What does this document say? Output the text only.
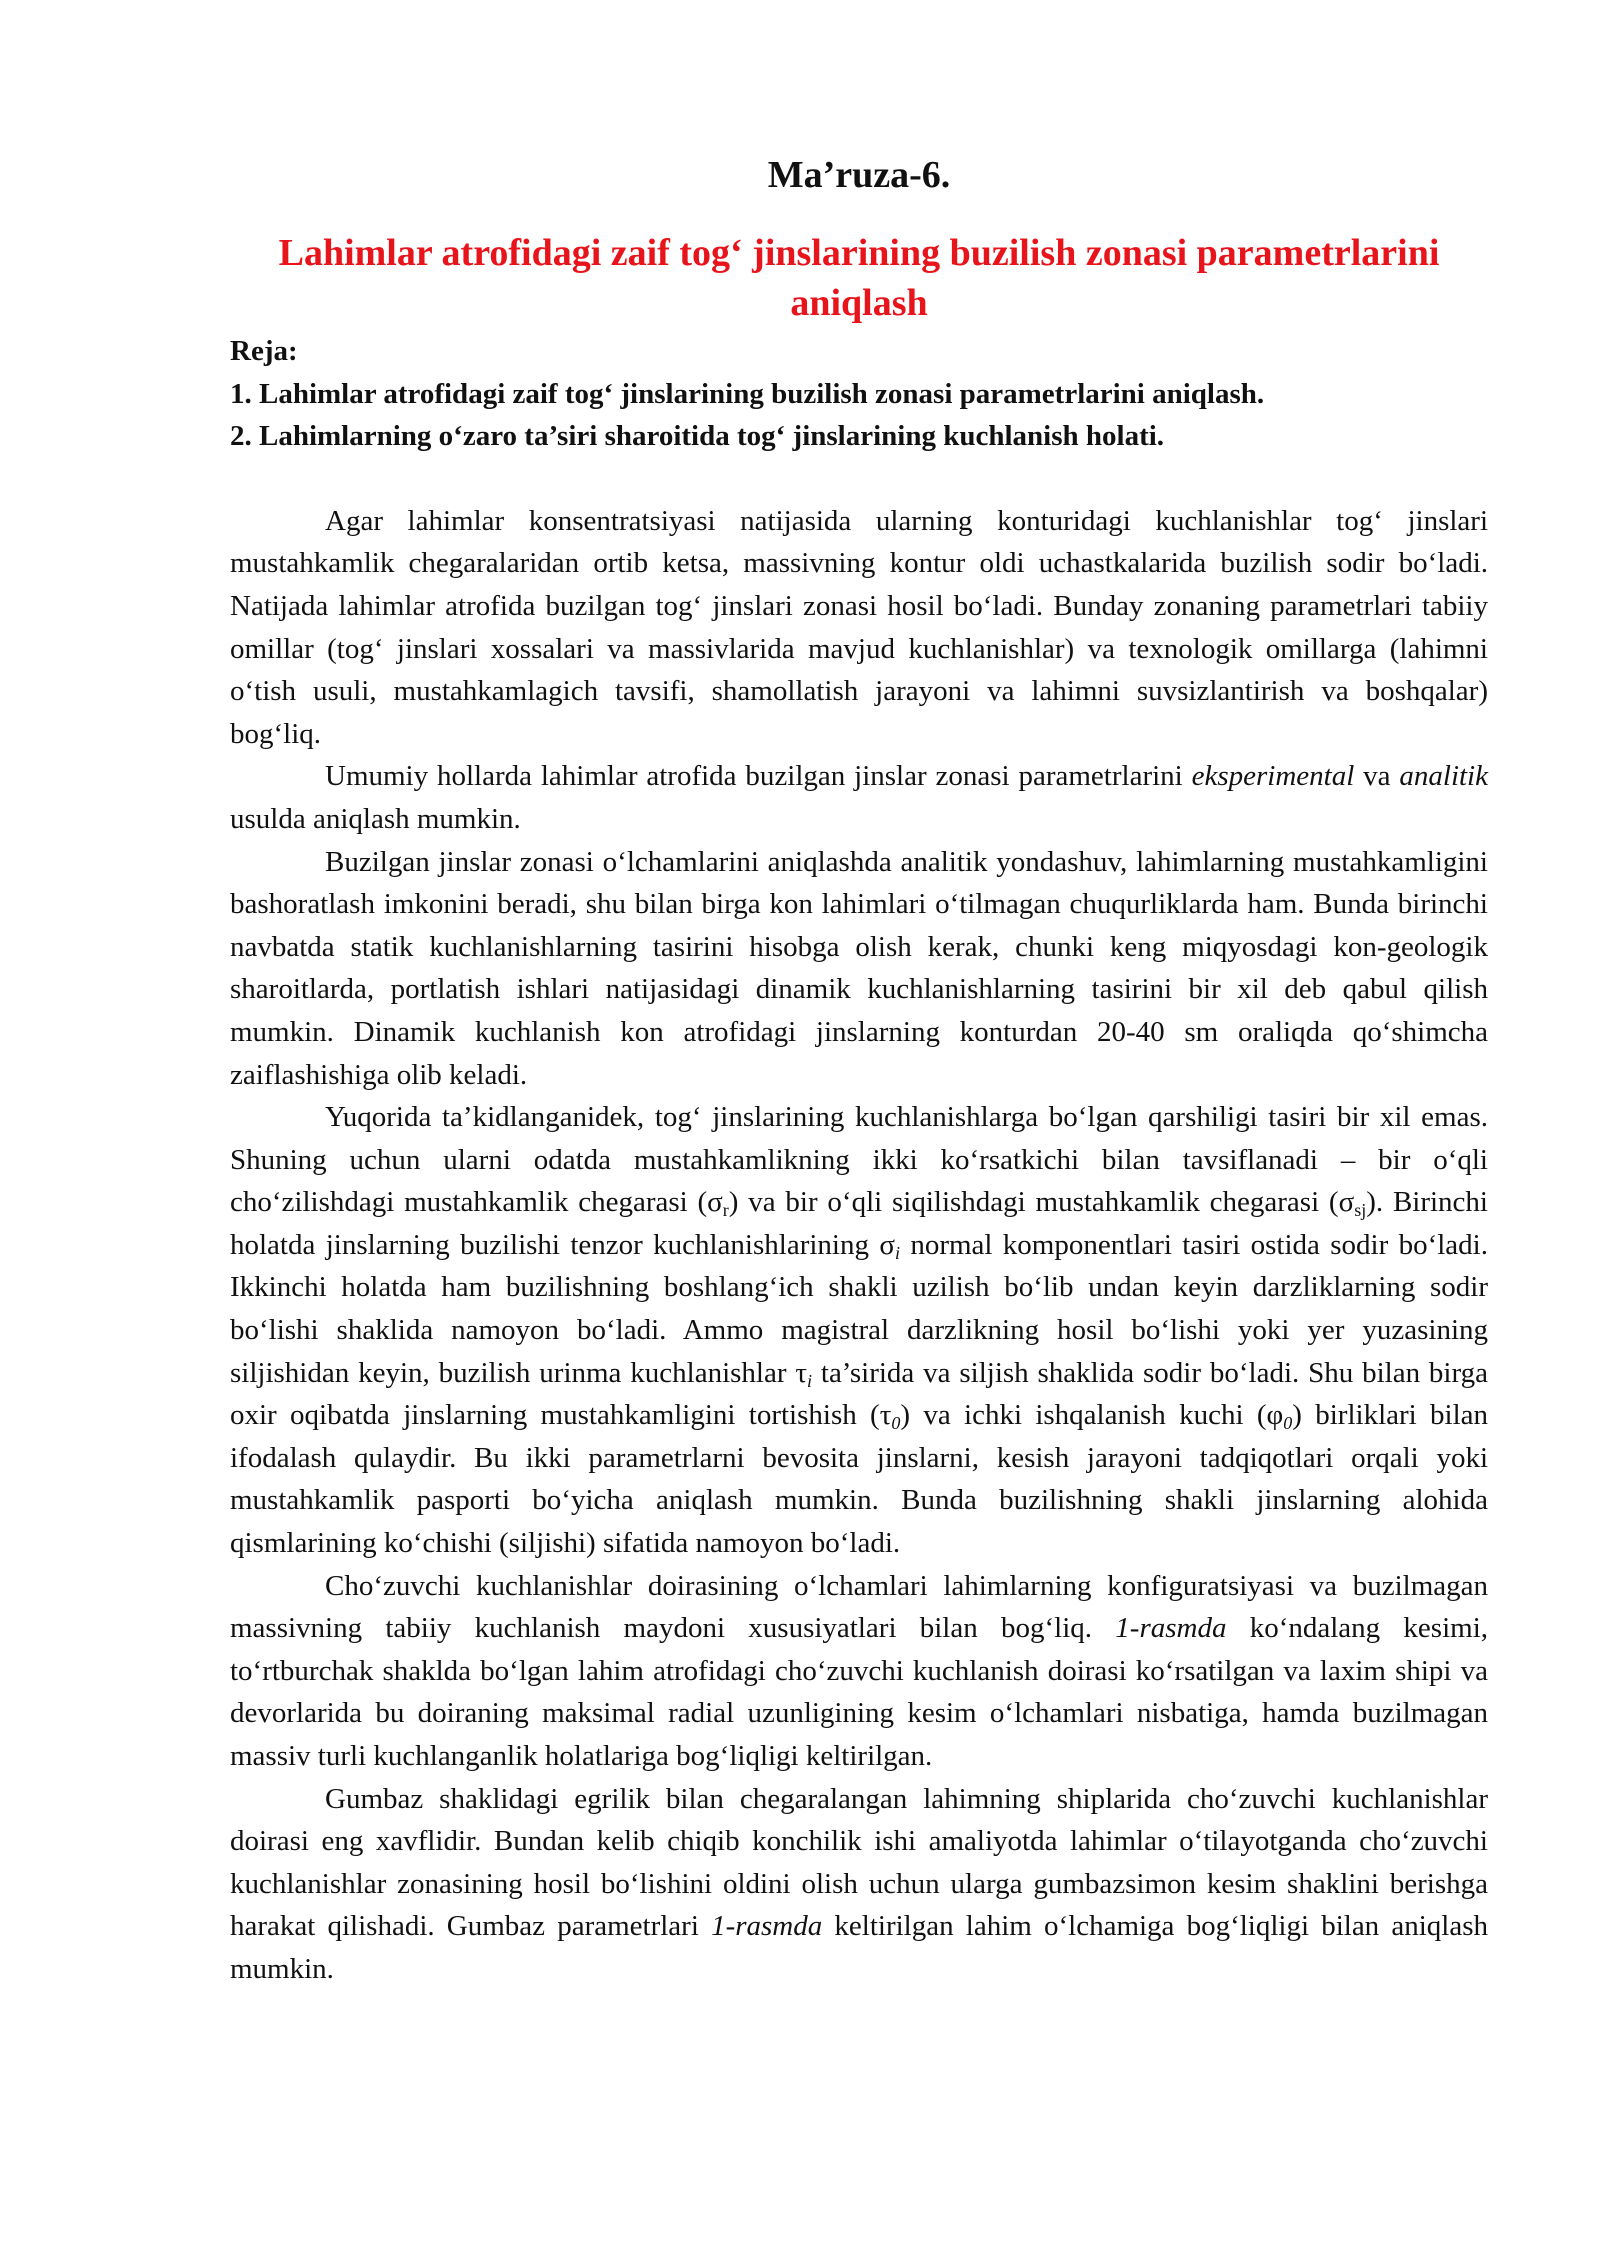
Ma’ruza-6.
Lahimlar atrofidagi zaif tog‘ jinslarining buzilish zonasi parametrlarini aniqlash
Reja:
1. Lahimlar atrofidagi zaif tog‘ jinslarining buzilish zonasi parametrlarini aniqlash.
2. Lahimlarning o‘zaro ta’siri sharoitida tog‘ jinslarining kuchlanish holati.

Agar lahimlar konsentratsiyasi natijasida ularning konturidagi kuchlanishlar tog‘ jinslari mustahkamlik chegaralaridan ortib ketsa, massivning kontur oldi uchastkalarida buzilish sodir bo‘ladi. Natijada lahimlar atrofida buzilgan tog‘ jinslari zonasi hosil bo‘ladi. Bunday zonaning parametrlari tabiiy omillar (tog‘ jinslari xossalari va massivlarida mavjud kuchlanishlar) va texnologik omillarga (lahimni o‘tish usuli, mustahkamlagich tavsifi, shamollatish jarayoni va lahimni suvsizlantirish va boshqalar) bog‘liq.

Umumiy hollarda lahimlar atrofida buzilgan jinslar zonasi parametrlarini eksperimental va analitik usulda aniqlash mumkin.

Buzilgan jinslar zonasi o‘lchamlarini aniqlashda analitik yondashuv, lahimlarning mustahkamligini bashoratlash imkonini beradi, shu bilan birga kon lahimlari o‘tilmagan chuqurliklarda ham. Bunda birinchi navbatda statik kuchlanishlarning tasirini hisobga olish kerak, chunki keng miqyosdagi kon-geologik sharoitlarda, portlatish ishlari natijasidagi dinamik kuchlanishlarning tasirini bir xil deb qabul qilish mumkin. Dinamik kuchlanish kon atrofidagi jinslarning konturdan 20-40 sm oraliqda qo‘shimcha zaiflashishiga olib keladi.

Yuqorida ta’kidlanganidek, tog‘ jinslarining kuchlanishlarga bo‘lgan qarshiligi tasiri bir xil emas. Shuning uchun ularni odatda mustahkamlikning ikki ko‘rsatkichi bilan tavsiflanadi – bir o‘qli cho‘zilishdagi mustahkamlik chegarasi $(\sigma_r)$ va bir o‘qli siqilishdagi mustahkamlik chegarasi $(\sigma_{sj})$. Birinchi holatda jinslarning buzilishi tenzor kuchlanishlarining $\sigma_i$ normal komponentlari tasiri ostida sodir bo‘ladi. Ikkinchi holatda ham buzilishning boshlang‘ich shakli uzilish bo‘lib undan keyin darzliklarning sodir bo‘lishi shaklida namoyon bo‘ladi. Ammo magistral darzlikning hosil bo‘lishi yoki yer yuzasining siljishidan keyin, buzilish urinma kuchlanishlar $\tau_i$ ta’sirida va siljish shaklida sodir bo‘ladi. Shu bilan birga oxir oqibatda jinslarning mustahkamligini tortishish $(\tau_0)$ va ichki ishqalanish kuchi $(\varphi_0)$ birliklari bilan ifodalash qulaydir. Bu ikki parametrlarni bevosita jinslarni, kesish jarayoni tadqiqotlari orqali yoki mustahkamlik pasporti bo‘yicha aniqlash mumkin. Bunda buzilishning shakli jinslarning alohida qismlarining ko‘chishi (siljishi) sifatida namoyon bo‘ladi.

Cho‘zuvchi kuchlanishlar doirasining o‘lchamlari lahimlarning konfiguratsiyasi va buzilmagan massivning tabiiy kuchlanish maydoni xususiyatlari bilan bog‘liq. 1-rasmda ko‘ndalang kesimi, to‘rtburchak shakldа bo‘lgan lahim atrofidagi cho‘zuvchi kuchlanish doirasi ko‘rsatilgan va laxim shipi va devorlarida bu doiraning maksimal radial uzunligining kesim o‘lchamlari nisbatiga, hamda buzilmagan massiv turli kuchlanganlik holatlariga bog‘liqligi keltirilgan.

Gumbaz shaklidagi egrilik bilan chegaralangan lahimning shiplarida cho‘zuvchi kuchlanishlar doirasi eng xavflidir. Bundan kelib chiqib konchilik ishi amaliyotda lahimlar o‘tilayotganda cho‘zuvchi kuchlanishlar zonasining hosil bo‘lishini oldini olish uchun ularga gumbazsimon kesim shaklini berishga harakat qilishadi. Gumbaz parametrlari 1-rasmda keltirilgan lahim o‘lchamiga bog‘liqligi bilan aniqlash mumkin.
